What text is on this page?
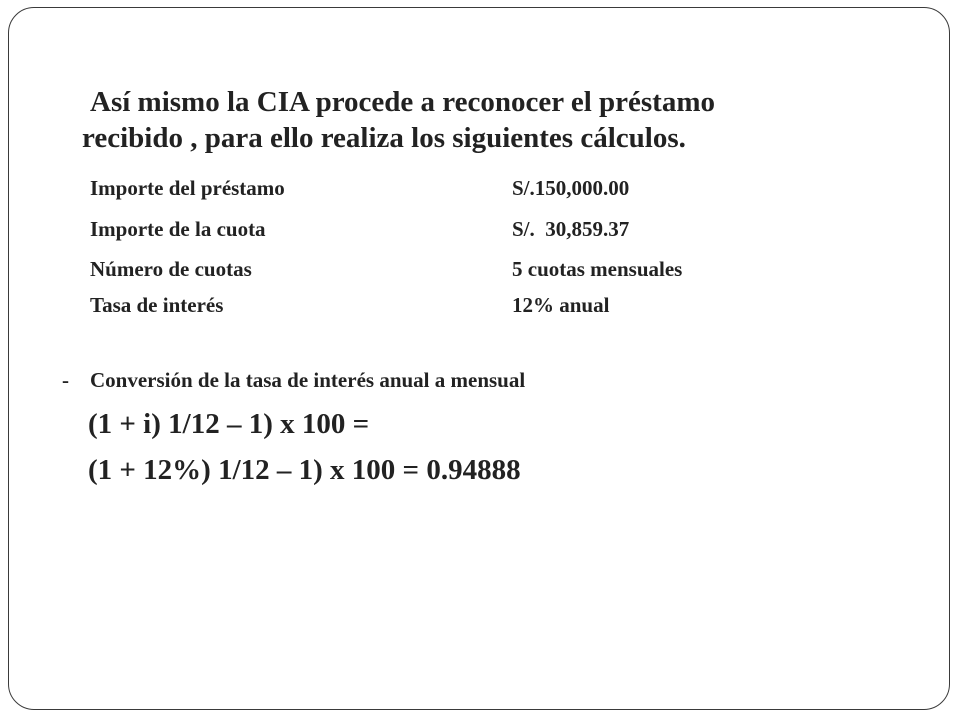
Así mismo la CIA procede a reconocer el préstamo
recibido , para ello realiza los siguientes cálculos.
Importe del préstamo	S/.150,000.00
Importe de la cuota	S/.  30,859.37
Número de cuotas	5 cuotas mensuales
Tasa de interés	12% anual
- Conversión de la tasa de interés anual a mensual
(1 + i) 1/12 – 1) x 100 =
(1 + 12%) 1/12 – 1) x 100 = 0.94888
